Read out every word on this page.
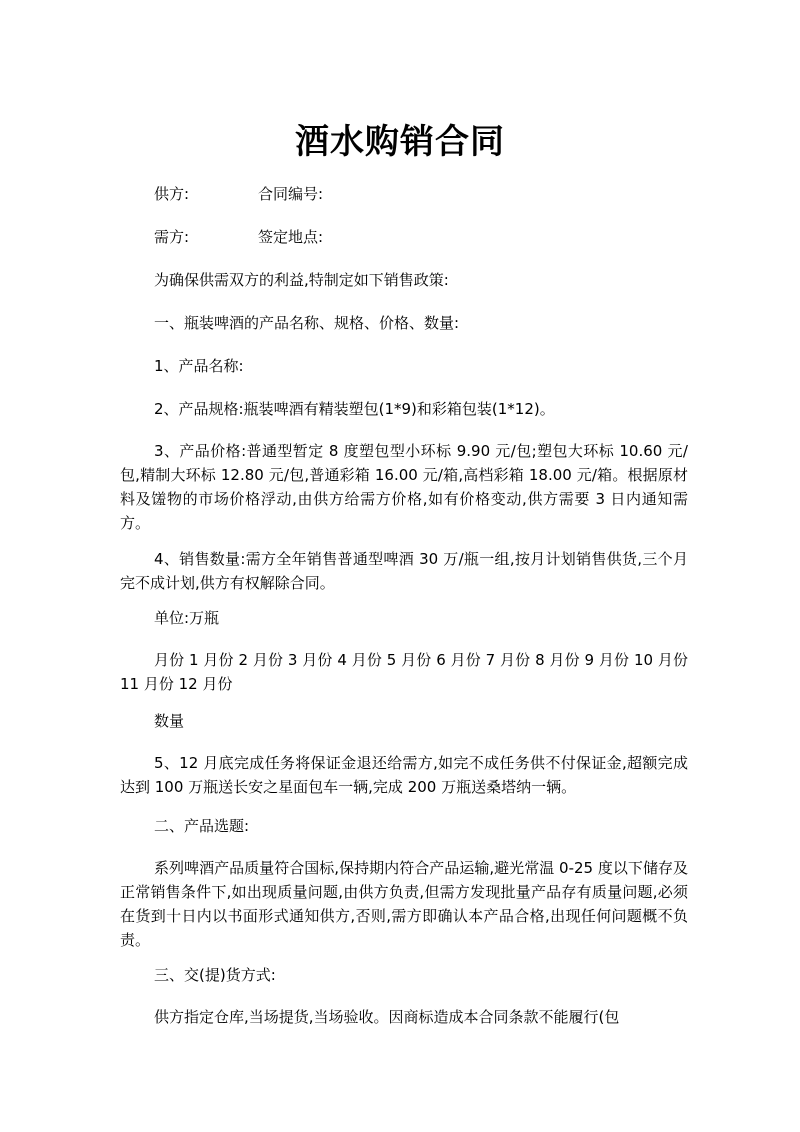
酒水购销合同
供方:	合同编号:
需方:	签定地点:
为确保供需双方的利益,特制定如下销售政策:
一、瓶装啤酒的产品名称、规格、价格、数量:
1、产品名称:
2、产品规格:瓶装啤酒有精装塑包(1*9)和彩箱包装(1*12)。
3、产品价格:普通型暂定 8 度塑包型小环标 9.90 元/包;塑包大环标 10.60 元/包,精制大环标 12.80 元/包,普通彩箱 16.00 元/箱,高档彩箱 18.00 元/箱。根据原材料及馐物的市场价格浮动,由供方给需方价格,如有价格变动,供方需要 3 日内通知需方。
4、销售数量:需方全年销售普通型啤酒 30 万/瓶一组,按月计划销售供货,三个月完不成计划,供方有权解除合同。
单位:万瓶
月份 1 月份 2 月份 3 月份 4 月份 5 月份 6 月份 7 月份 8 月份 9 月份 10 月份 11 月份 12 月份
数量
5、12 月底完成任务将保证金退还给需方,如完不成任务供不付保证金,超额完成达到 100 万瓶送长安之星面包车一辆,完成 200 万瓶送桑塔纳一辆。
二、产品选题:
系列啤酒产品质量符合国标,保持期内符合产品运输,避光常温 0-25 度以下储存及正常销售条件下,如出现质量问题,由供方负责,但需方发现批量产品存有质量问题,必须在货到十日内以书面形式通知供方,否则,需方即确认本产品合格,出现任何问题概不负责。
三、交(提)货方式:
供方指定仓库,当场提货,当场验收。因商标造成本合同条款不能履行(包
